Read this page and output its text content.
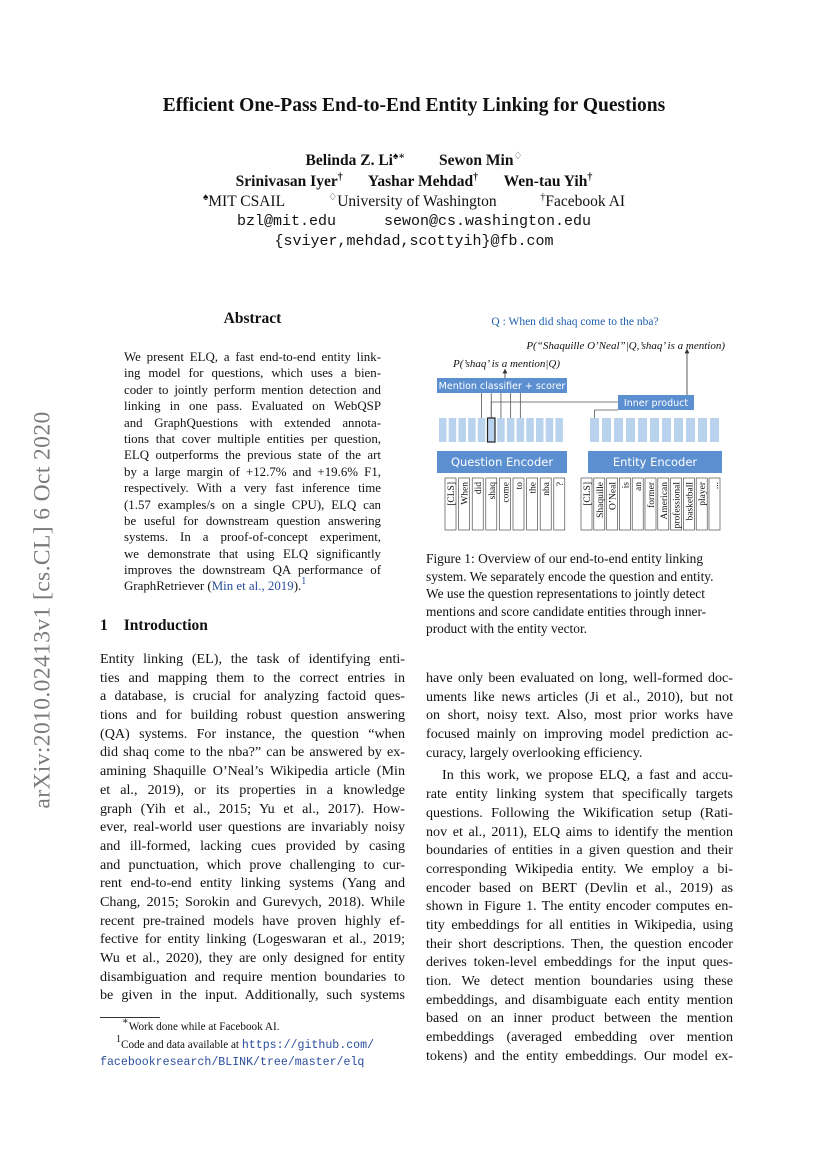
Efficient One-Pass End-to-End Entity Linking for Questions
Belinda Z. Li♠∗ Sewon Min♢
Srinivasan Iyer† Yashar Mehdad† Wen-tau Yih†
♠MIT CSAIL	♢University of Washington	†Facebook AI
bzl@mit.edu	sewon@cs.washington.edu
{sviyer,mehdad,scottyih}@fb.com
arXiv:2010.02413v1 [cs.CL] 6 Oct 2020
Abstract
We present ELQ, a fast end-to-end entity link-
ing model for questions, which uses a bien-
coder to jointly perform mention detection and
linking in one pass. Evaluated on WebQSP
and GraphQuestions with extended annota-
tions that cover multiple entities per question,
ELQ outperforms the previous state of the art
by a large margin of +12.7% and +19.6% F1,
respectively. With a very fast inference time
(1.57 examples/s on a single CPU), ELQ can
be useful for downstream question answering
systems. In a proof-of-concept experiment,
we demonstrate that using ELQ significantly
improves the downstream QA performance of
GraphRetriever (Min et al., 2019).$^1$
1 Introduction
Entity linking (EL), the task of identifying enti-
ties and mapping them to the correct entries in
a database, is crucial for analyzing factoid ques-
tions and for building robust question answering
(QA) systems. For instance, the question “when
did shaq come to the nba?” can be answered by ex-
amining Shaquille O’Neal’s Wikipedia article (Min
et al., 2019), or its properties in a knowledge
graph (Yih et al., 2015; Yu et al., 2017). How-
ever, real-world user questions are invariably noisy
and ill-formed, lacking cues provided by casing
and punctuation, which prove challenging to cur-
rent end-to-end entity linking systems (Yang and
Chang, 2015; Sorokin and Gurevych, 2018). While
recent pre-trained models have proven highly ef-
fective for entity linking (Logeswaran et al., 2019;
Wu et al., 2020), they are only designed for entity
disambiguation and require mention boundaries to
be given in the input. Additionally, such systems
∗Work done while at Facebook AI.
$^1$Code and data available at https://github.com/
facebookresearch/BLINK/tree/master/elq
Q : When did shaq come to the nba?
P(“Shaquille O’Neal”|Q,’shaq’ is a mention)
P(’shaq’ is a mention|Q)
Mention classifier + scorer
Inner product
Question Encoder	Entity Encoder
[CLS] When did shaq come to the nba ? [CLS] Shaquille O’Neal is an former American professional basketball player ...
Figure 1: Overview of our end-to-end entity linking
system. We separately encode the question and entity.
We use the question representations to jointly detect
mentions and score candidate entities through inner-
product with the entity vector.
have only been evaluated on long, well-formed doc-
uments like news articles (Ji et al., 2010), but not
on short, noisy text. Also, most prior works have
focused mainly on improving model prediction ac-
curacy, largely overlooking efficiency.
In this work, we propose ELQ, a fast and accu-
rate entity linking system that specifically targets
questions. Following the Wikification setup (Rati-
nov et al., 2011), ELQ aims to identify the mention
boundaries of entities in a given question and their
corresponding Wikipedia entity. We employ a bi-
encoder based on BERT (Devlin et al., 2019) as
shown in Figure 1. The entity encoder computes en-
tity embeddings for all entities in Wikipedia, using
their short descriptions. Then, the question encoder
derives token-level embeddings for the input ques-
tion. We detect mention boundaries using these
embeddings, and disambiguate each entity mention
based on an inner product between the mention
embeddings (averaged embedding over mention
tokens) and the entity embeddings. Our model ex-
